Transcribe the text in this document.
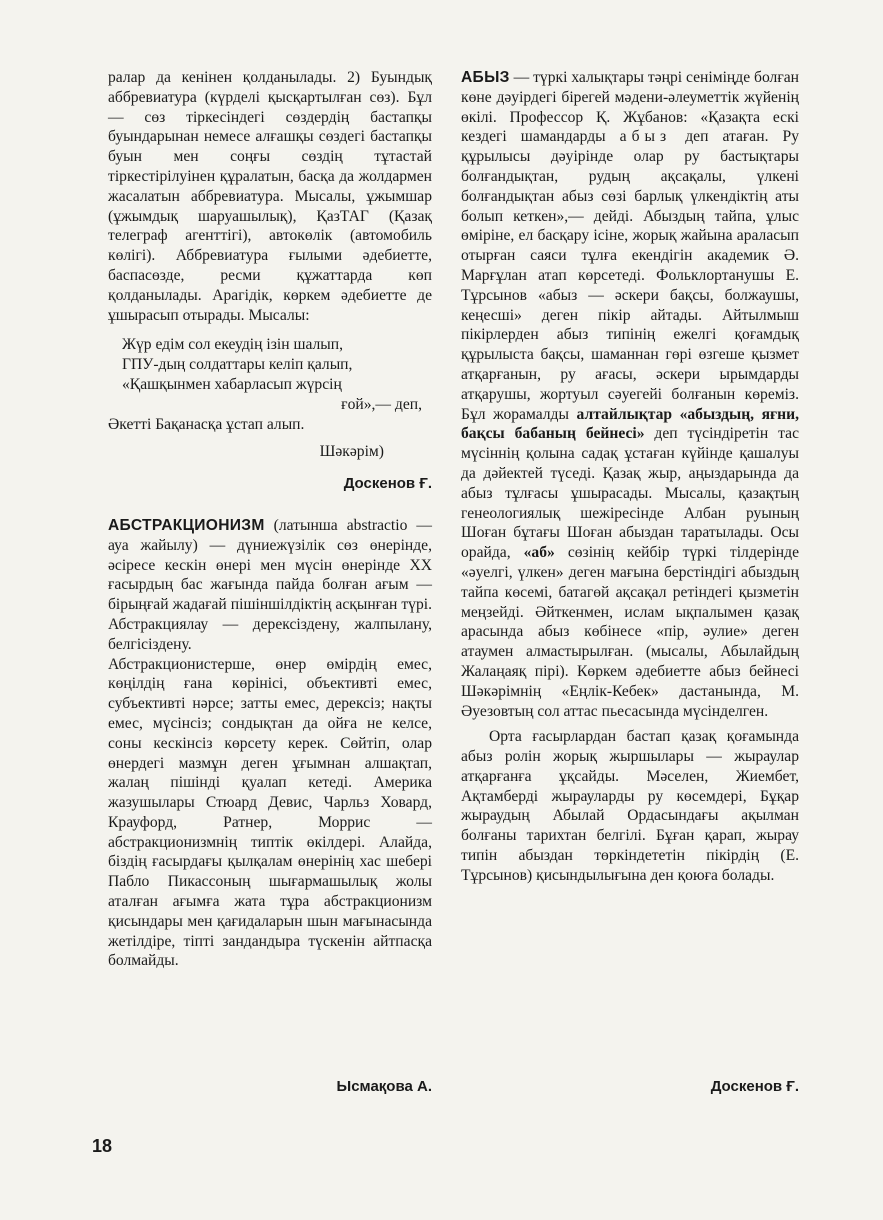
ралар да кенінен қолданылады. 2) Буындық аббревиатура (күрделі қысқартылған сөз). Бұл — сөз тіркесіндегі сөздердің бастапқы буындарынан немесе алғашқы сөздегі бастапқы буын мен соңғы сөздің тұтастай тіркестірілуінен құралатын, басқа да жолдармен жасалатын аббревиатура. Мысалы, ұжымшар (ұжымдық шаруашылық), ҚазТАГ (Қазақ телеграф агенттігі), автокөлік (автомобиль көлігі). Аббревиатура ғылыми әдебиетте, баспасөзде, ресми құжаттарда көп қолданылады. Арагідік, көркем әдебиетте де ұшырасып отырады. Мысалы:

Жүр едім сол екеудің ізін шалып,
ГПУ-дың солдаттары келіп қалып,
«Қашқынмен хабарласып жүрсің
ғой»,— деп,
Әкетті Бақанасқа ұстап алып.

Шәкәрім)

Доскенов Ғ.

АБСТРАКЦИОНИЗМ (латынша abstractio — ауа жайылу) — дүниежүзілік сөз өнерінде, әсіресе кескін өнері мен мүсін өнерінде XX ғасырдың бас жағында пайда болған ағым — бірыңғай жадағай пішіншілдіктің асқынған түрі. Абстракциялау — дерексіздену, жалпылану, белгісіздену.

Абстракционистерше, өнер өмірдің емес, көңілдің ғана көрінісі, объективті емес, субъективті нәрсе; затты емес, дерексіз; нақты емес, мүсінсіз; сондықтан да ойға не келсе, соны кескінсіз көрсету керек. Сөйтіп, олар өнердегі мазмұн деген ұғымнан алшақтап, жалаң пішінді қуалап кетеді. Америка жазушылары Стюард Девис, Чарльз Ховард, Крауфорд, Ратнер, Моррис — абстракционизмнің типтік өкілдері. Алайда, біздің ғасырдағы қылқалам өнерінің хас шебері Пабло Пикассоның шығармашылық жолы аталған ағымға жата тұра абстракционизм қисындары мен қағидаларын шын мағынасында жетілдіре, тіпті зандандыра түскенін айтпасқа болмайды.

Ысмақова А.

АБЫЗ — түркі халықтары тәңрі сеніміңде болған көне дәуірдегі бірегей мәдени-әлеуметтік жүйенің өкілі. Профессор Қ. Жұбанов: «Қазақта ескі кездегі шамандарды абыз деп атаған. Ру құрылысы дәуірінде олар ру бастықтары болғандықтан, рудың ақсақалы, үлкені болғандықтан абыз сөзі барлық үлкендіктің аты болып кеткен»,— дейді. Абыздың тайпа, ұлыс өміріне, ел басқару ісіне, жорық жайына араласып отырған саяси тұлға екендігін академик Ә. Марғұлан атап көрсетеді. Фольклортанушы Е. Тұрсынов «абыз — әскери бақсы, болжаушы, кеңесші» деген пікір айтады. Айтылмыш пікірлерден абыз типінің ежелгі қоғамдық құрылыста бақсы, шаманнан гөрі өзгеше қызмет атқарғанын, ру ағасы, әскери ырымдарды атқарушы, жортуыл сәуегейі болғанын көреміз. Бұл жорамалды алтайлықтар «абыздың, яғни, бақсы бабаның бейнесі» деп түсіндіретін тас мүсіннің қолына садақ ұстаған күйінде қашалуы да дәйектей түседі. Қазақ жыр, аңыздарында да абыз тұлғасы ұшырасады. Мысалы, қазақтың генеологиялық шежіресінде Албан руының Шоған бұтағы Шоған абыздан таратылады. Осы орайда, «аб» сөзінің кейбір түркі тілдерінде «әуелгі, үлкен» деген мағына берстіндігі абыздың тайпа көсемі, батагөй ақсақал ретіндегі қызметін меңзейді. Әйткенмен, ислам ықпалымен қазақ арасында абыз көбінесе «пір, әулие» деген атаумен алмастырылған. (мысалы, Абылайдың Жалаңаяқ пірі). Көркем әдебиетте абыз бейнесі Шәкәрімнің «Еңлік-Кебек» дастанында, М. Әуезовтың сол аттас пьесасында мүсінделген.

Орта ғасырлардан бастап қазақ қоғамында абыз ролін жорық жыршылары — жыраулар атқарғанға ұқсайды. Мәселен, Жиембет, Ақтамберді жырауларды ру көсемдері, Бұқар жыраудың Абылай Ордасындағы ақылман болғаны тарихтан белгілі. Бұған қарап, жырау типін абыздан төркіндететін пікірдің (Е. Тұрсынов) қисындылығына ден қоюға болады.

Доскенов Ғ.
18
